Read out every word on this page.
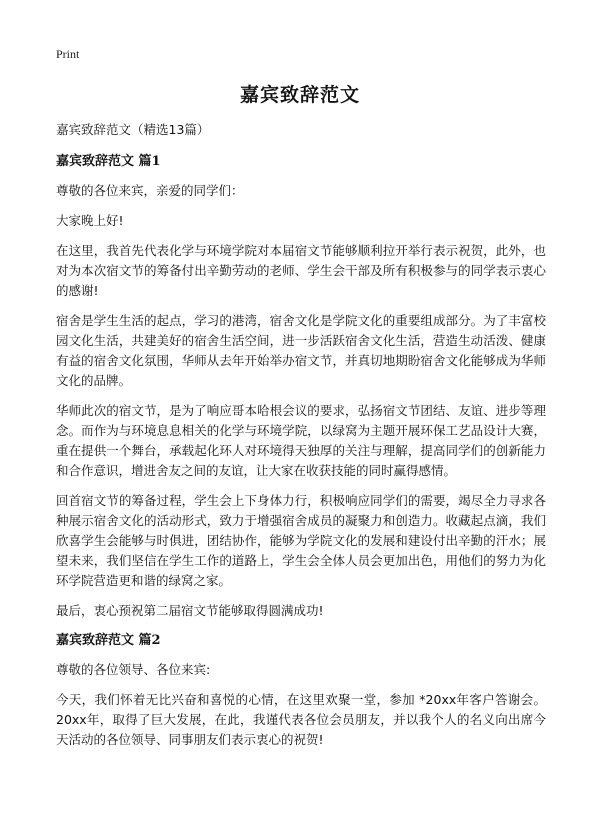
Print
嘉宾致辞范文

嘉宾致辞范文（精选13篇）

嘉宾致辞范文 篇1

尊敬的各位来宾，亲爱的同学们：

大家晚上好!

在这里，我首先代表化学与环境学院对本届宿文节能够顺利拉开举行表示祝贺，此外，也对为本次宿文节的筹备付出辛勤劳动的老师、学生会干部及所有积极参与的同学表示衷心的感谢!

宿舍是学生生活的起点，学习的港湾，宿舍文化是学院文化的重要组成部分。为了丰富校园文化生活，共建美好的宿舍生活空间，进一步活跃宿舍文化生活，营造生动活泼、健康有益的宿舍文化氛围，华师从去年开始举办宿文节，并真切地期盼宿舍文化能够成为华师文化的品牌。

华师此次的宿文节，是为了响应哥本哈根会议的要求，弘扬宿文节团结、友谊、进步等理念。而作为与环境息息相关的化学与环境学院，以绿窝为主题开展环保工艺品设计大赛，重在提供一个舞台，承载起化环人对环境得天独厚的关注与理解，提高同学们的创新能力和合作意识，增进舍友之间的友谊，让大家在收获技能的同时赢得感情。

回首宿文节的筹备过程，学生会上下身体力行，积极响应同学们的需要，竭尽全力寻求各种展示宿舍文化的活动形式，致力于增强宿舍成员的凝聚力和创造力。收藏起点滴，我们欣喜学生会能够与时俱进，团结协作，能够为学院文化的发展和建设付出辛勤的汗水；展望未来，我们坚信在学生工作的道路上，学生会全体人员会更加出色，用他们的努力为化环学院营造更和谐的绿窝之家。

最后，衷心预祝第二届宿文节能够取得圆满成功!

嘉宾致辞范文 篇2

尊敬的各位领导、各位来宾:

今天，我们怀着无比兴奋和喜悦的心情，在这里欢聚一堂，参加 *20xx年客户答谢会。20xx年，取得了巨大发展，在此，我谨代表各位会员朋友，并以我个人的名义向出席今天活动的各位领导、同事朋友们表示衷心的祝贺!
